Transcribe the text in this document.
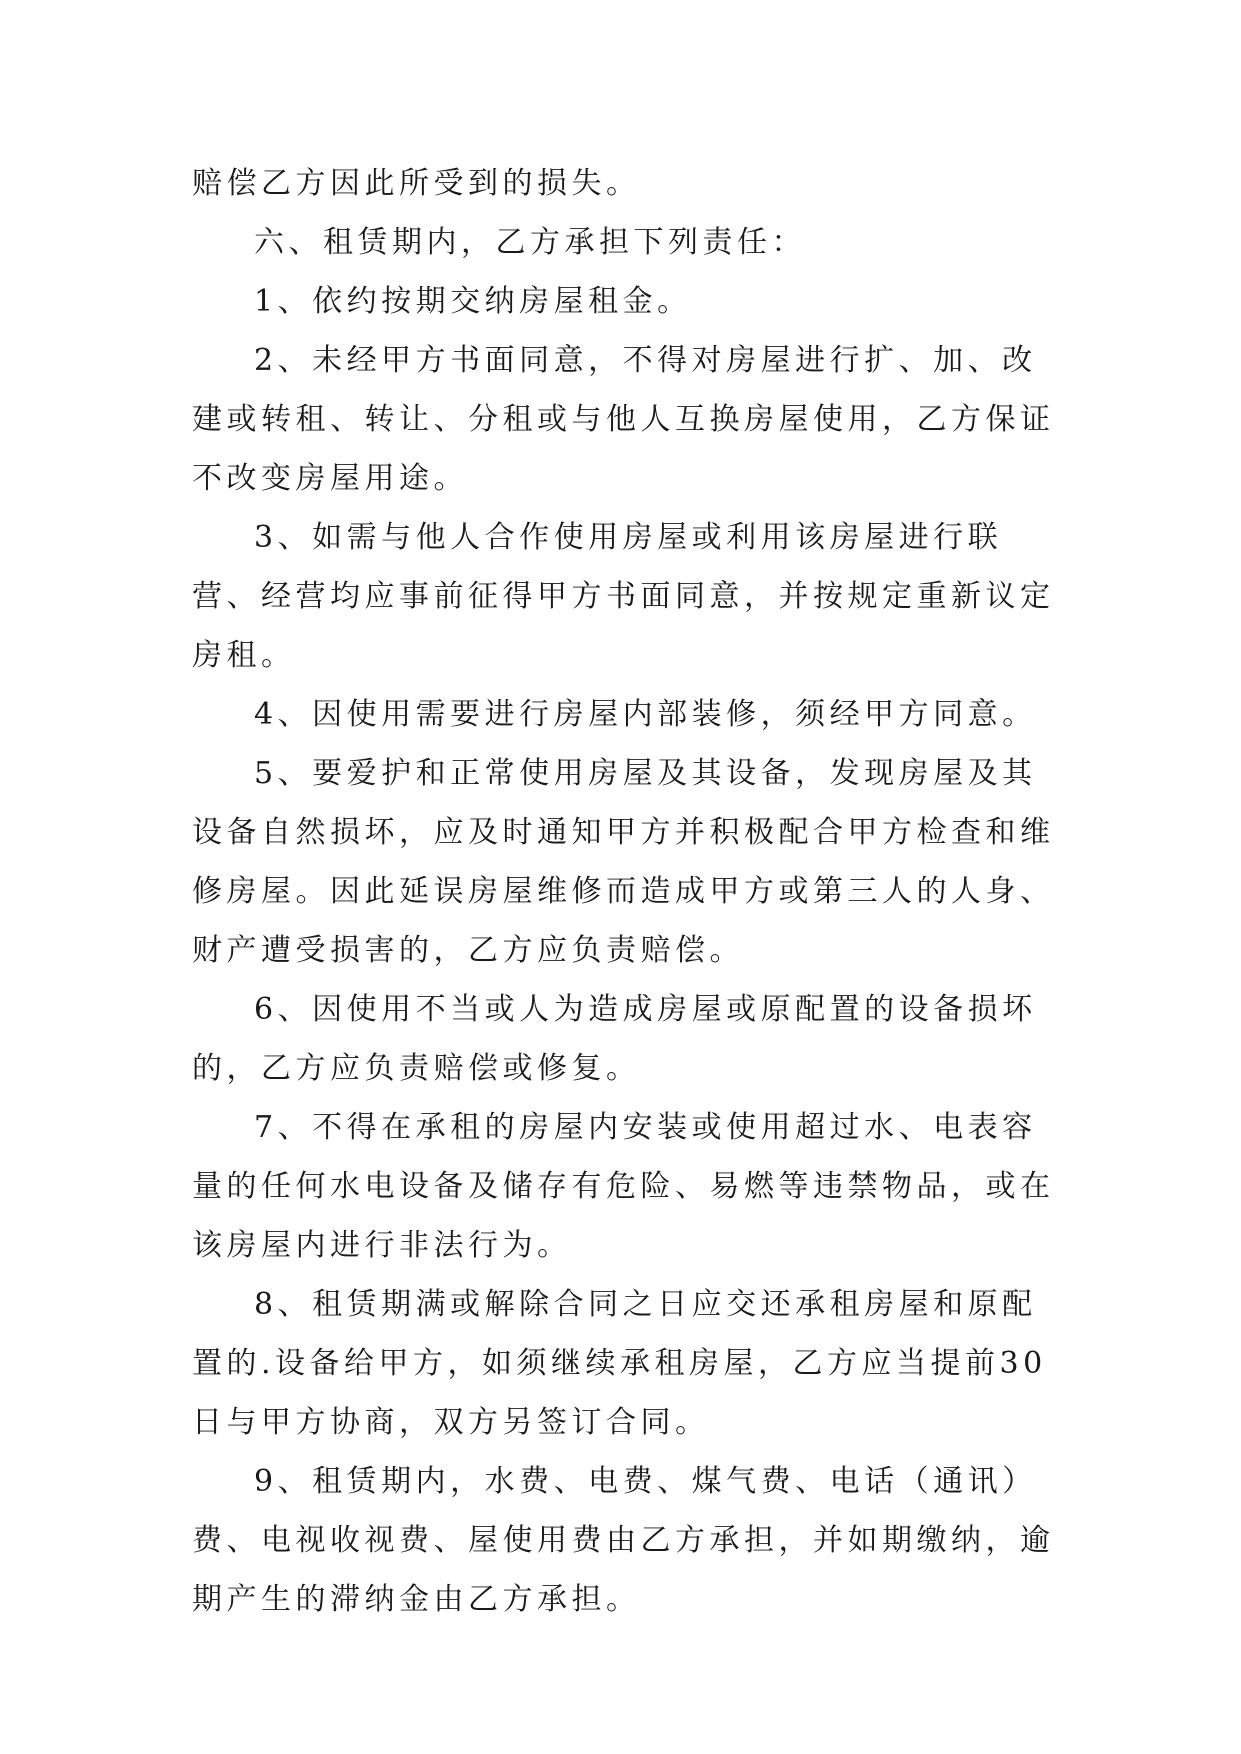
赔偿乙方因此所受到的损失。

六、租赁期内，乙方承担下列责任：

1、依约按期交纳房屋租金。

2、未经甲方书面同意，不得对房屋进行扩、加、改建或转租、转让、分租或与他人互换房屋使用，乙方保证不改变房屋用途。

3、如需与他人合作使用房屋或利用该房屋进行联营、经营均应事前征得甲方书面同意，并按规定重新议定房租。

4、因使用需要进行房屋内部装修，须经甲方同意。

5、要爱护和正常使用房屋及其设备，发现房屋及其设备自然损坏，应及时通知甲方并积极配合甲方检查和维修房屋。因此延误房屋维修而造成甲方或第三人的人身、财产遭受损害的，乙方应负责赔偿。

6、因使用不当或人为造成房屋或原配置的设备损坏的，乙方应负责赔偿或修复。

7、不得在承租的房屋内安装或使用超过水、电表容量的任何水电设备及储存有危险、易燃等违禁物品，或在该房屋内进行非法行为。

8、租赁期满或解除合同之日应交还承租房屋和原配置的.设备给甲方，如须继续承租房屋，乙方应当提前30日与甲方协商，双方另签订合同。

9、租赁期内，水费、电费、煤气费、电话（通讯）费、电视收视费、屋使用费由乙方承担，并如期缴纳，逾期产生的滞纳金由乙方承担。
